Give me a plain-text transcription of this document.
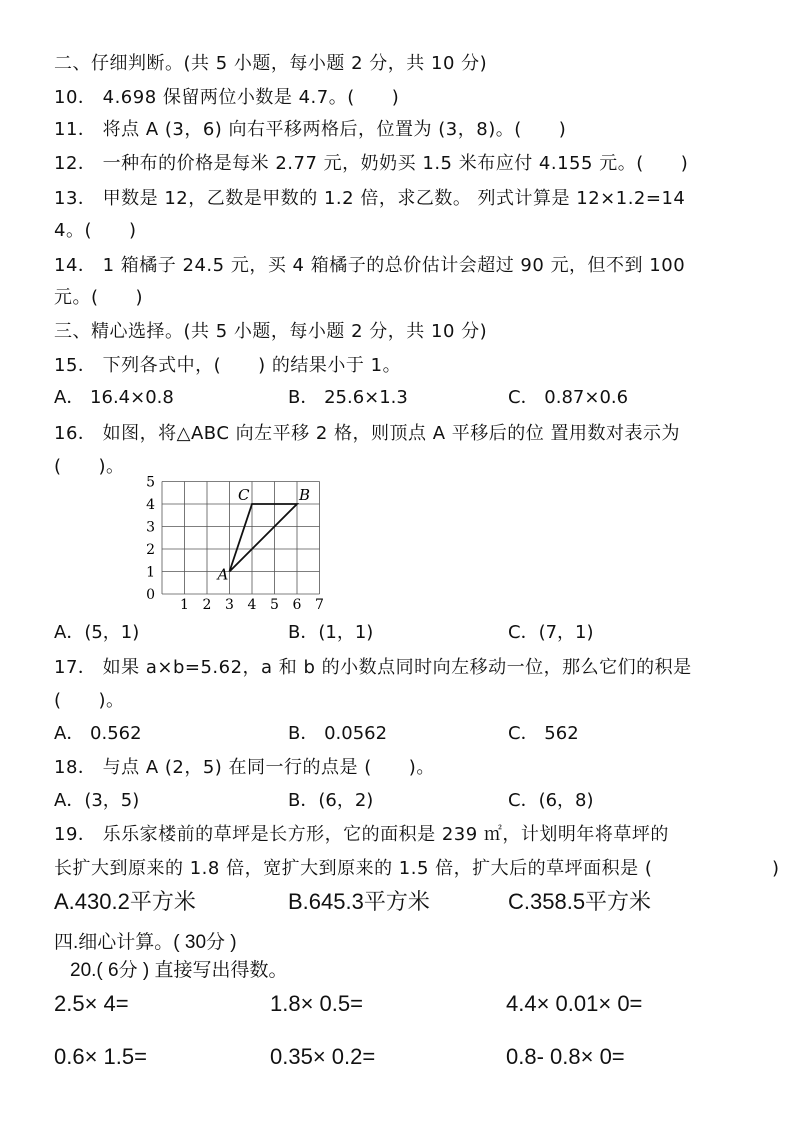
二、仔细判断。(共 5 小题，每小题 2 分，共 10 分)
10． 4.698 保留两位小数是 4.7。(　　)
11． 将点 A (3，6) 向右平移两格后，位置为 (3，8)。(　　)
12． 一种布的价格是每米 2.77 元，奶奶买 1.5 米布应付 4.155 元。(　　)
13． 甲数是 12，乙数是甲数的 1.2 倍，求乙数。 列式计算是 12×1.2=14
4。(　　)
14． 1 箱橘子 24.5 元，买 4 箱橘子的总价估计会超过 90 元，但不到 100
元。(　　)
三、精心选择。(共 5 小题，每小题 2 分，共 10 分)
15． 下列各式中，(　　) 的结果小于 1。
A． 16.4×0.8	B． 25.6×1.3	C． 0.87×0.6
16． 如图，将△ABC 向左平移 2 格，则顶点 A 平移后的位 置用数对表示为
(　　)。
1 2 3 4 5 6 7
1
2
3
4
5
0
A
B
C
A．(5，1)	B．(1，1)	C．(7，1)
17． 如果 a×b=5.62，a 和 b 的小数点同时向左移动一位，那么它们的积是
(　　)。
A． 0.562	B． 0.0562	C． 562
18． 与点 A (2，5) 在同一行的点是 (　　)。
A．(3，5)	B．(6，2)	C．(6，8)
19． 乐乐家楼前的草坪是长方形，它的面积是 239 ㎡，计划明年将草坪的
长扩大到原来的 1.8 倍，宽扩大到原来的 1.5 倍，扩大后的草坪面积是 (	)
A.430.2平方米	B.645.3平方米	C.358.5平方米
四.细心计算。( 30分 )
20.( 6分 ) 直接写出得数。
2.5× 4=	1.8× 0.5=	4.4× 0.01× 0=
0.6× 1.5=	0.35× 0.2=	0.8- 0.8× 0=
